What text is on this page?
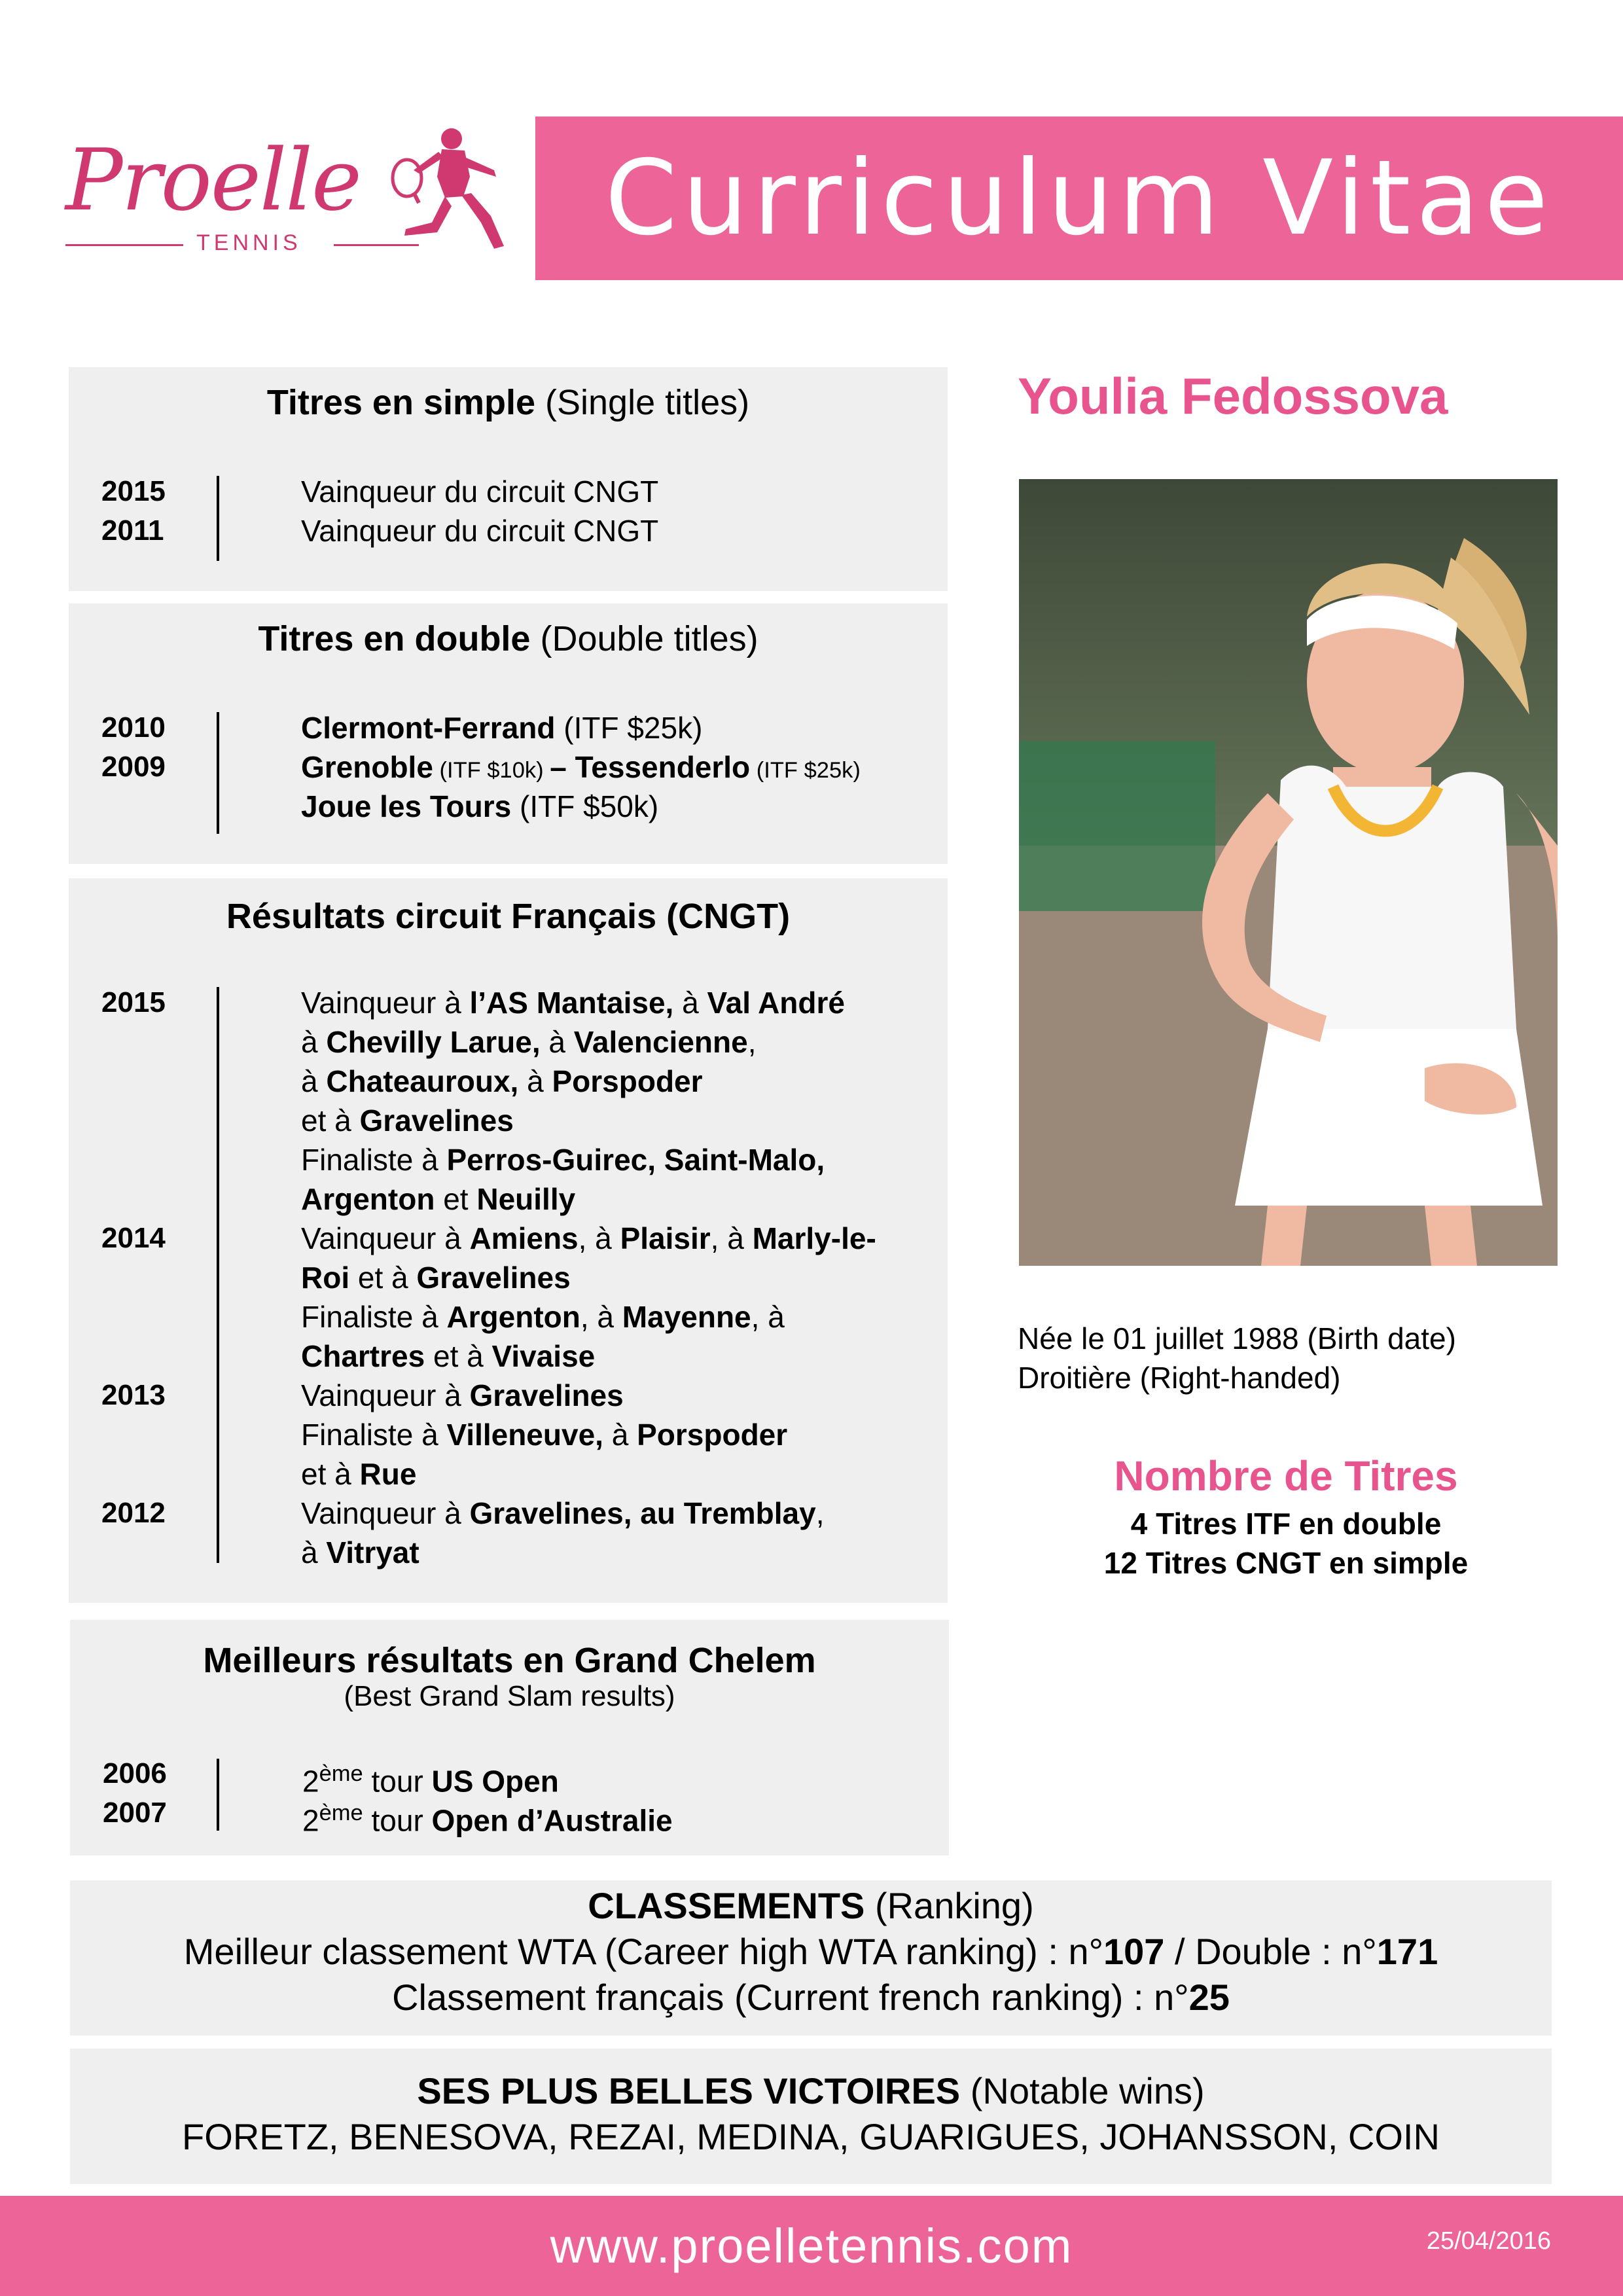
Proelle
TENNIS	Curriculum Vitae
Titres en simple (Single titles)
2015
2011
Vainqueur du circuit CNGT
Vainqueur du circuit CNGT
Titres en double (Double titles)
2010
2009
Clermont-Ferrand (ITF $25k)
Grenoble (ITF $10k) – Tessenderlo (ITF $25k)
Joue les Tours (ITF $50k)
Résultats circuit Français (CNGT)
2015
2014
2013
2012
Vainqueur à l’AS Mantaise, à Val André
à Chevilly Larue, à Valencienne,
à Chateauroux, à Porspoder
et à Gravelines
Finaliste à Perros-Guirec, Saint-Malo,
Argenton et Neuilly
Vainqueur à Amiens, à Plaisir, à Marly-le-
Roi et à Gravelines
Finaliste à Argenton, à Mayenne, à
Chartres et à Vivaise
Vainqueur à Gravelines
Finaliste à Villeneuve, à Porspoder
et à Rue
Vainqueur à Gravelines, au Tremblay,
à Vitryat
Meilleurs résultats en Grand Chelem
(Best Grand Slam results)
2006
2007
2ème tour US Open
2ème tour Open d’Australie
CLASSEMENTS (Ranking)
Meilleur classement WTA (Career high WTA ranking) : n°107 / Double : n°171
Classement français (Current french ranking) : n°25
SES PLUS BELLES VICTOIRES (Notable wins)
FORETZ, BENESOVA, REZAI, MEDINA, GUARIGUES, JOHANSSON, COIN
Youlia Fedossova
Née le 01 juillet 1988 (Birth date)
Droitière (Right-handed)
Nombre de Titres
4 Titres ITF en double
12 Titres CNGT en simple
www.proelletennis.com	25/04/2016
